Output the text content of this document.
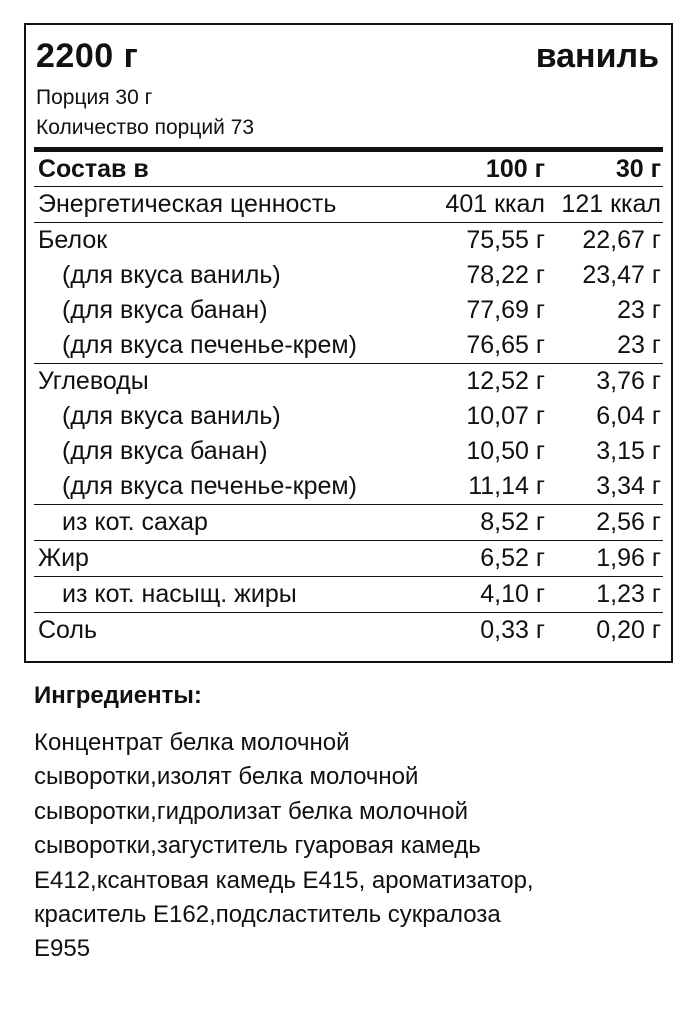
2200 г	ваниль
Порция 30 г
Количество порций 73
Состав в	100 г	30 г
Энергетическая ценность	401 ккал 121 ккал
Белок	75,55 г 22,67 г
(для вкуса ваниль)	78,22 г 23,47 г
(для вкуса банан)	77,69 г	23 г
(для вкуса печенье-крем)	76,65 г	23 г
Углеводы	12,52 г 3,76 г
(для вкуса ваниль)	10,07 г 6,04 г
(для вкуса банан)	10,50 г 3,15 г
(для вкуса печенье-крем)	11,14 г 3,34 г
из кот. сахар	8,52 г 2,56 г
Жир	6,52 г 1,96 г
из кот. насыщ. жиры	4,10 г 1,23 г
Соль	0,33 г 0,20 г
Ингредиенты:
Концентрат белка молочной
сыворотки,изолят белка молочной
сыворотки,гидролизат белка молочной
сыворотки,загуститель гуаровая камедь
E412,ксантовая камедь E415, ароматизатор,
краситель E162,подсластитель сукралоза
E955
